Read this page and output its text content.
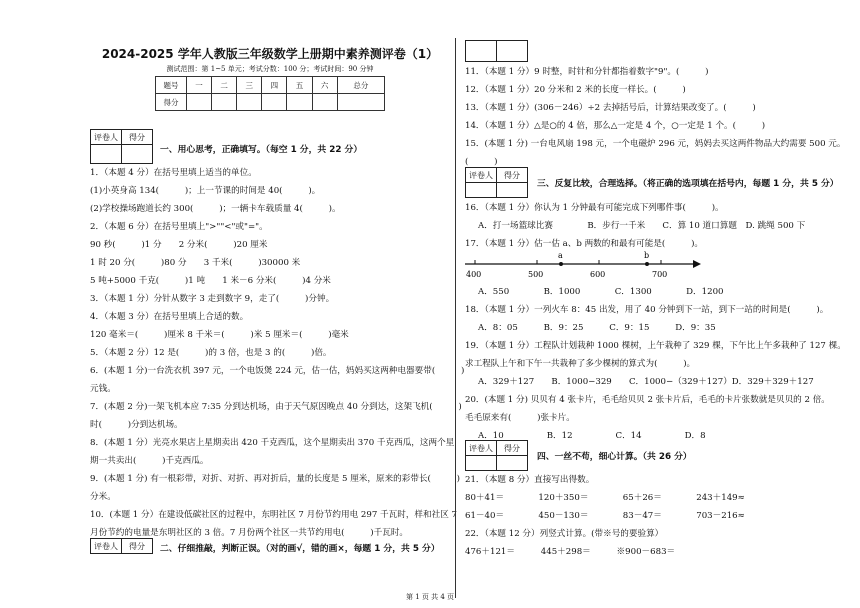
2024-2025 学年人教版三年级数学上册期中素养测评卷（1）
测试范围：第 1~5 单元；考试分数：100 分；考试时间：90 分钟
题号	一	二	三	四	五	六	总分
得分							
评卷人	得分

一、用心思考，正确填写。（每空 1 分，共 22 分）
1．（本题 4 分）在括号里填上适当的单位。
(1)小英身高 134(　　　)；上一节课的时间是 40(　　　)。
(2)学校操场跑道长约 300(　　　)；一辆卡车载质量 4(　　　)。
2．（本题 6 分）在括号里填上">""<"或"="。
90 秒(　　　)1 分　　2 分米(　　　)20 厘米
1 时 20 分(　　　)80 分　　3 千米(　　　)30000 米
5 吨+5000 千克(　　　)1 吨　　1 米－6 分米(　　　)4 分米
3．（本题 1 分）分针从数字 3 走到数字 9，走了(　　　)分钟。
4．（本题 3 分）在括号里填上合适的数。
120 毫米＝(　　　)厘米 8 千米＝(　　　)米 5 厘米＝(　　　)毫米
5．（本题 2 分）12 是(　　　)的 3 倍，也是 3 的(　　　)倍。
6．(本题 1 分)一台洗衣机 397 元，一个电饭煲 224 元，估一估，妈妈买这两种电器要带(　　　)
元钱。
7．(本题 2 分)一架飞机本应 7:35 分到达机场，由于天气原因晚点 40 分到达，这架飞机(　　　)
时(　　　)分到达机场。
8．(本题 1 分）光亮水果店上星期卖出 420 千克西瓜，这个星期卖出 370 千克西瓜，这两个星
期一共卖出(　　　)千克西瓜。
9．(本题 1 分) 有一根彩带，对折、对折、再对折后，量的长度是 5 厘米，原来的彩带长(　　　)
分米。
10．(本题 1 分）在建设低碳社区的过程中，东明社区 7 月份节约用电 297 千瓦时，样和社区 7
月份节约的电量是东明社区的 3 倍。7 月份两个社区一共节约用电(　　　)千瓦时。
评卷人	得分 二、仔细推敲，判断正误。（对的画√，错的画×，每题 1 分，共 5 分）

11．（本题 1 分）9 时整，时针和分针都指着数字"9"。(　　　)
12．（本题 1 分）20 分米和 2 米的长度一样长。(　　　)
13．（本题 1 分）(306－246）÷2 去掉括号后，计算结果改变了。(　　　)
14．（本题 1 分）△是○的 4 倍，那么△一定是 4 个，○一定是 1 个。(　　　)
15．(本题 1 分) 一台电风扇 198 元，一个电磁炉 296 元，妈妈去买这两件物品大约需要 500 元。
(　　　)
评卷人	得分

三、反复比较，合理选择。（将正确的选项填在括号内，每题 1 分，共 5 分）
16．（本题 1 分）你认为 1 分钟最有可能完成下列哪件事(　　　)。
A．打一场篮球比赛　　　　B．步行一千米　　C．算 10 道口算题　D. 跳绳 500 下
17．（本题 1 分）估一估 a、b 两数的和最有可能是(　　　)。
a	b
400	500	600	700
A．550　　　　B．1000　　　　C．1300　　　　D．1200
18．（本题 1 分）一列火车 8：45 出发，用了 40 分钟到下一站，到下一站的时间是(　　　)。
A．8：05　　　B．9：25　　　C．9：15　　　D．9：35
19．（本题 1 分）工程队计划栽种 1000 棵树，上午栽种了 329 棵，下午比上午多栽种了 127 棵。
求工程队上午和下午一共栽种了多少棵树的算式为(　　　)。
A．329＋127　　B．1000−329　　C．1000−（329＋127）D．329＋329＋127
20．(本题 1 分) 贝贝有 4 张卡片，毛毛给贝贝 2 张卡片后，毛毛的卡片张数就是贝贝的 2 倍。
毛毛原来有(　　　)张卡片。
A．10　　　　　B．12　　　　　C．14　　　　　D．8
评卷人	得分

四、一丝不苟，细心计算。（共 26 分）
21．（本题 8 分）直接写出得数。
80＋41＝　　　　120＋350＝　　　　65＋26＝　　　　243＋149≈
61－40＝　　　　450－130＝　　　　83－47＝　　　　703－216≈
22．（本题 12 分）列竖式计算。(带※号的要验算）
476＋121＝　　　445＋298＝　　　※900－683＝
第 1 页 共 4 页
